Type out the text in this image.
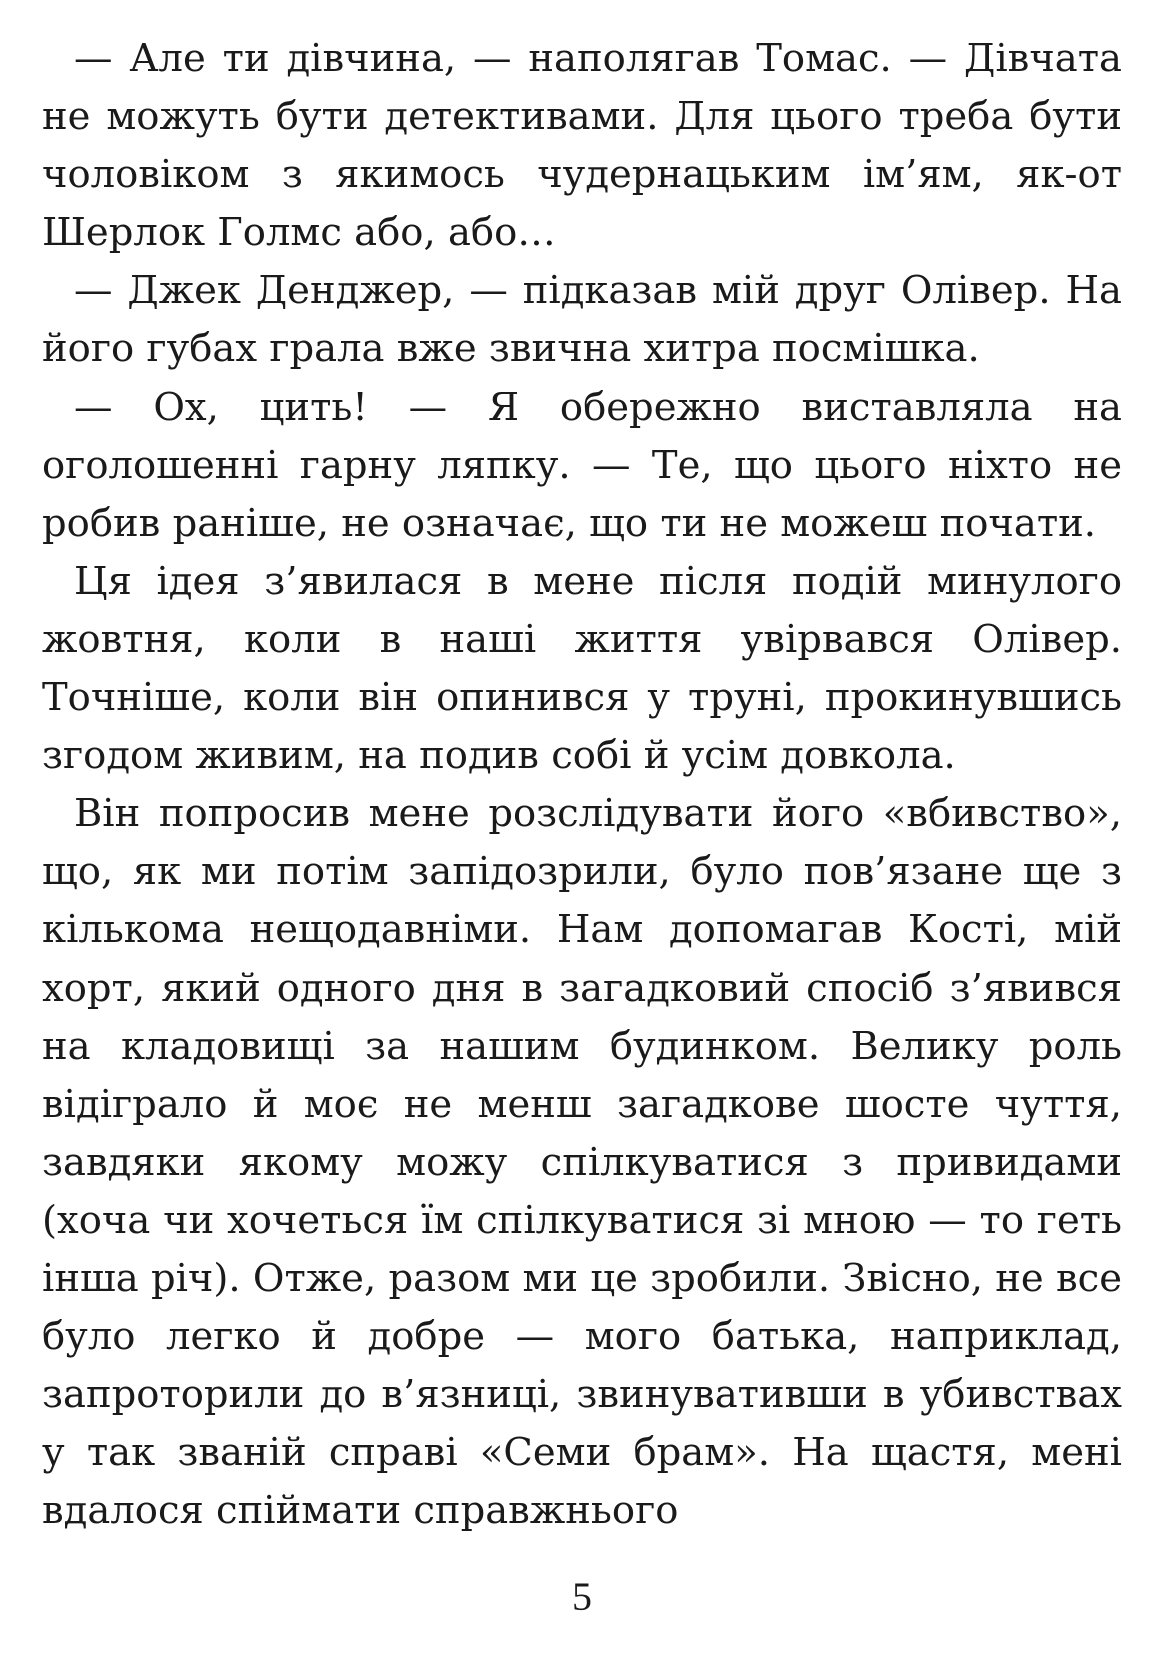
— Але ти дівчина, — наполягав Томас. — Дівчата не можуть бути детективами. Для цього треба бути чоловіком з якимось чудернацьким ім’ям, як-от Шерлок Голмс або, або…

— Джек Денджер, — підказав мій друг Олівер. На його губах грала вже звична хитра посмішка.

— Ох, цить! — Я обережно виставляла на оголошенні гарну ляпку. — Те, що цього ніхто не робив раніше, не означає, що ти не можеш почати.

Ця ідея з’явилася в мене після подій минулого жовтня, коли в наші життя увірвався Олівер. Точніше, коли він опинився у труні, прокинувшись згодом живим, на подив собі й усім довкола.

Він попросив мене розслідувати його «вбивство», що, як ми потім запідозрили, було пов’язане ще з кількома нещодавніми. Нам допомагав Кості, мій хорт, який одного дня в загадковий спосіб з’явився на кладовищі за нашим будинком. Велику роль відіграло й моє не менш загадкове шосте чуття, завдяки якому можу спілкуватися з привидами (хоча чи хочеться їм спілкуватися зі мною — то геть інша річ). Отже, разом ми це зробили. Звісно, не все було легко й добре — мого батька, наприклад, запроторили до в’язниці, звинувативши в убивствах у так званій справі «Семи брам». На щастя, мені вдалося спіймати справжнього

5
